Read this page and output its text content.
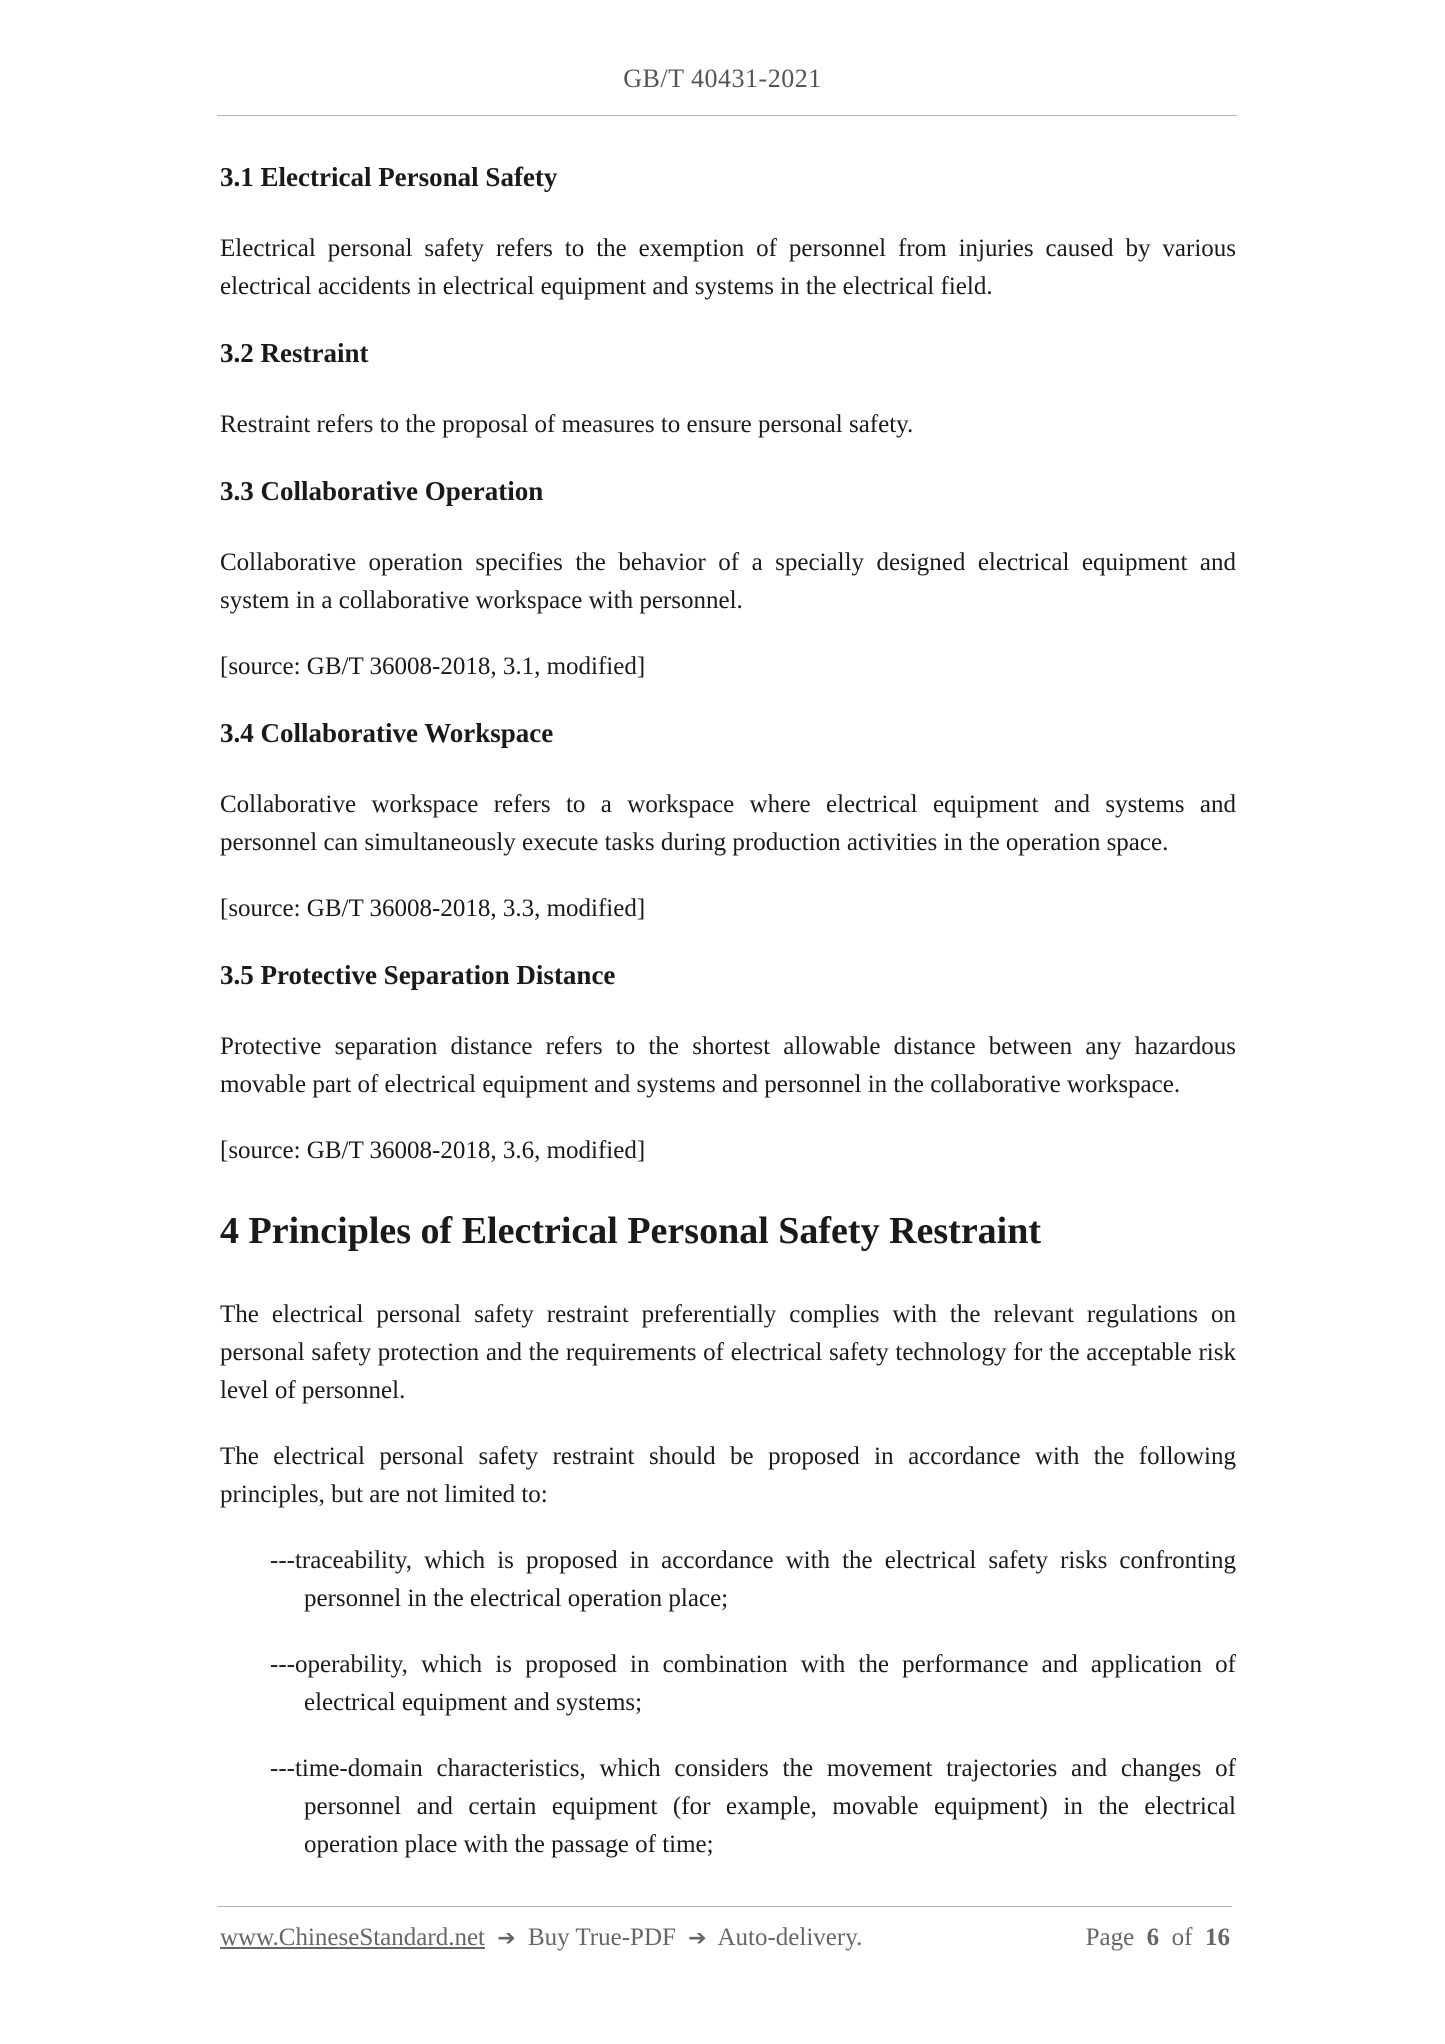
GB/T 40431-2021
3.1 Electrical Personal Safety
Electrical personal safety refers to the exemption of personnel from injuries caused by various electrical accidents in electrical equipment and systems in the electrical field.
3.2 Restraint
Restraint refers to the proposal of measures to ensure personal safety.
3.3 Collaborative Operation
Collaborative operation specifies the behavior of a specially designed electrical equipment and system in a collaborative workspace with personnel.
[source: GB/T 36008-2018, 3.1, modified]
3.4 Collaborative Workspace
Collaborative workspace refers to a workspace where electrical equipment and systems and personnel can simultaneously execute tasks during production activities in the operation space.
[source: GB/T 36008-2018, 3.3, modified]
3.5 Protective Separation Distance
Protective separation distance refers to the shortest allowable distance between any hazardous movable part of electrical equipment and systems and personnel in the collaborative workspace.
[source: GB/T 36008-2018, 3.6, modified]
4 Principles of Electrical Personal Safety Restraint
The electrical personal safety restraint preferentially complies with the relevant regulations on personal safety protection and the requirements of electrical safety technology for the acceptable risk level of personnel.
The electrical personal safety restraint should be proposed in accordance with the following principles, but are not limited to:
---traceability, which is proposed in accordance with the electrical safety risks confronting personnel in the electrical operation place;
---operability, which is proposed in combination with the performance and application of electrical equipment and systems;
---time-domain characteristics, which considers the movement trajectories and changes of personnel and certain equipment (for example, movable equipment) in the electrical operation place with the passage of time;
www.ChineseStandard.net ➔ Buy True-PDF ➔ Auto-delivery.	Page 6 of 16
